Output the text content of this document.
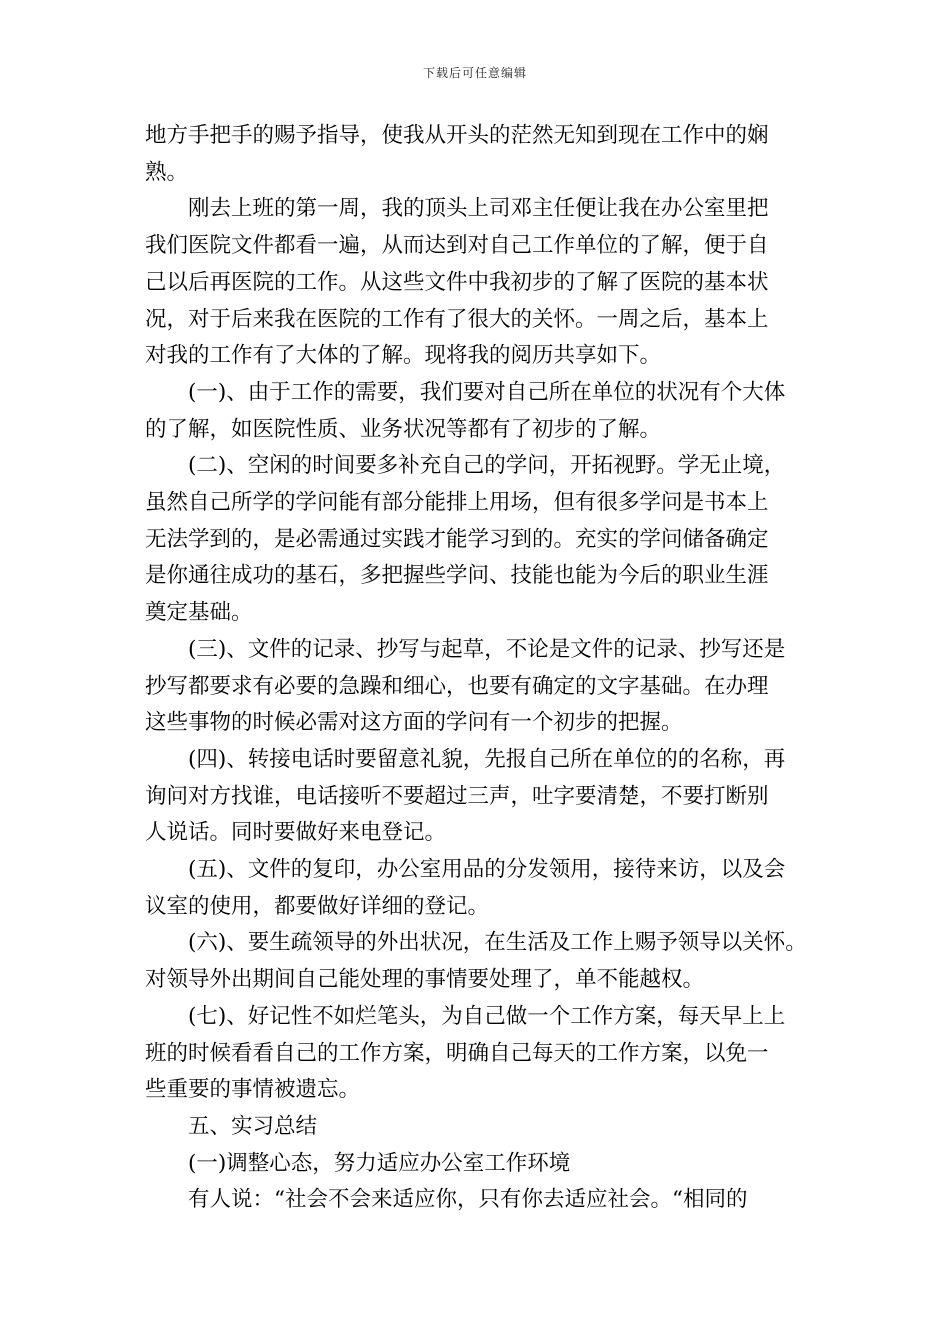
下载后可任意编辑

地方手把手的赐予指导，使我从开头的茫然无知到现在工作中的娴
熟。

刚去上班的第一周，我的顶头上司邓主任便让我在办公室里把
我们医院文件都看一遍，从而达到对自己工作单位的了解，便于自
己以后再医院的工作。从这些文件中我初步的了解了医院的基本状
况，对于后来我在医院的工作有了很大的关怀。一周之后，基本上
对我的工作有了大体的了解。现将我的阅历共享如下。

(一)、由于工作的需要，我们要对自己所在单位的状况有个大体
的了解，如医院性质、业务状况等都有了初步的了解。

(二)、空闲的时间要多补充自己的学问，开拓视野。学无止境，
虽然自己所学的学问能有部分能排上用场，但有很多学问是书本上
无法学到的，是必需通过实践才能学习到的。充实的学问储备确定
是你通往成功的基石，多把握些学问、技能也能为今后的职业生涯
奠定基础。

(三)、文件的记录、抄写与起草，不论是文件的记录、抄写还是
抄写都要求有必要的急躁和细心，也要有确定的文字基础。在办理
这些事物的时候必需对这方面的学问有一个初步的把握。

(四)、转接电话时要留意礼貌，先报自己所在单位的的名称，再
询问对方找谁，电话接听不要超过三声，吐字要清楚，不要打断别
人说话。同时要做好来电登记。

(五)、文件的复印，办公室用品的分发领用，接待来访，以及会
议室的使用，都要做好详细的登记。

(六)、要生疏领导的外出状况，在生活及工作上赐予领导以关怀。
对领导外出期间自己能处理的事情要处理了，单不能越权。

(七)、好记性不如烂笔头，为自己做一个工作方案，每天早上上
班的时候看看自己的工作方案，明确自己每天的工作方案，以免一
些重要的事情被遗忘。

五、实习总结

(一)调整心态，努力适应办公室工作环境

有人说：“社会不会来适应你，只有你去适应社会。“相同的
